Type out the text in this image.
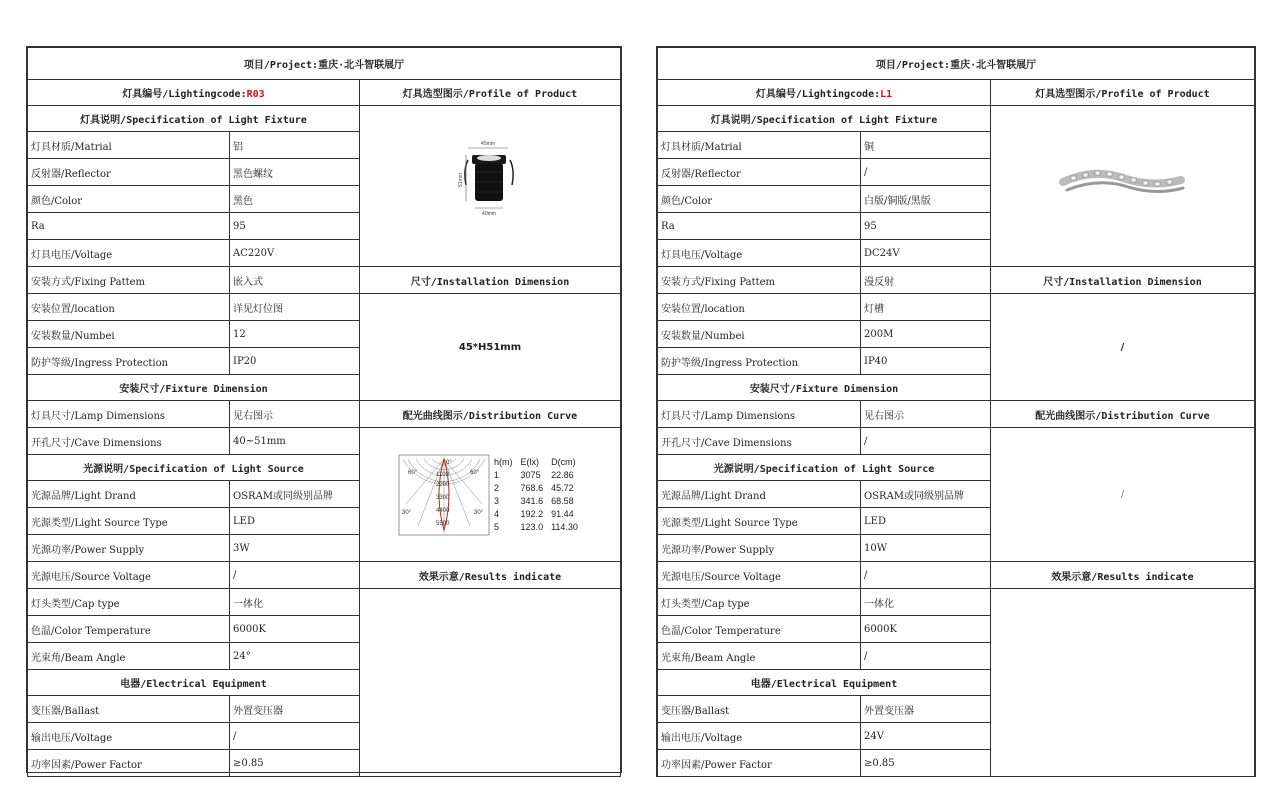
项目/Project:重庆·北斗智联展厅
灯具编号/Lightingcode:R03	灯具选型图示/Profile of Product
灯具说明/Specification of Light Fixture	
45mm
51mm
40mm

灯具材质/Matrial	铝
反射器/Reflector	黑色螺纹
颜色/Color	黑色
Ra	95
灯具电压/Voltage	AC220V
安装方式/Fixing Pattem	嵌入式	尺寸/Installation Dimension
安装位置/location	详见灯位图	45*H51mm
安装数量/Numbei	12
防护等级/Ingress Protection	IP20
安装尺寸/Fixture Dimension
灯具尺寸/Lamp Dimensions	见右图示	配光曲线图示/Distribution Curve
开孔尺寸/Cave Dimensions	40~51mm	
60°	60°
30°	30°
0°
1100
2200
3300
4400
5500
h(m)	E(lx)	D(cm)
1	3075	22.86
2	768.6	45.72
3	341.6	68.58
4	192.2	91.44
5	123.0	114.30

光源说明/Specification of Light Source
光源品牌/Light Drand	OSRAM或同级别品牌
光源类型/Light Source Type	LED
光源功率/Power Supply	3W
光源电压/Source Voltage	/	效果示意/Results indicate
灯头类型/Cap type	一体化	
色温/Color Temperature	6000K
光束角/Beam Angle	24°
电器/Electrical Equipment
变压器/Ballast	外置变压器
输出电压/Voltage	/
功率因素/Power Factor	≥0.85
项目/Project:重庆·北斗智联展厅		
灯具编号/Lightingcode:L1		灯具选型图示/Profile of Product
灯具说明/Specification of Light Fixture	
灯具材质/Matrial	铜	
反射器/Reflector	/	
颜色/Color	白版/铜版/黑版	
Ra	95	
灯具电压/Voltage	DC24V	
安装方式/Fixing Pattem	漫反射	尺寸/Installation Dimension
安装位置/location	灯槽	/
安装数量/Numbei	200M	
防护等级/Ingress Protection	IP40	
安装尺寸/Fixture Dimension		
灯具尺寸/Lamp Dimensions	见右图示	配光曲线图示/Distribution Curve
开孔尺寸/Cave Dimensions	/	/
光源说明/Specification of Light Source		
光源品牌/Light Drand	OSRAM或同级别品牌	
光源类型/Light Source Type	LED	
光源功率/Power Supply	10W	
光源电压/Source Voltage	/	效果示意/Results indicate
灯头类型/Cap type	一体化	
色温/Color Temperature	6000K	
光束角/Beam Angle	/	
电器/Electrical Equipment		
变压器/Ballast	外置变压器	
输出电压/Voltage	24V	
功率因素/Power Factor	≥0.85	
